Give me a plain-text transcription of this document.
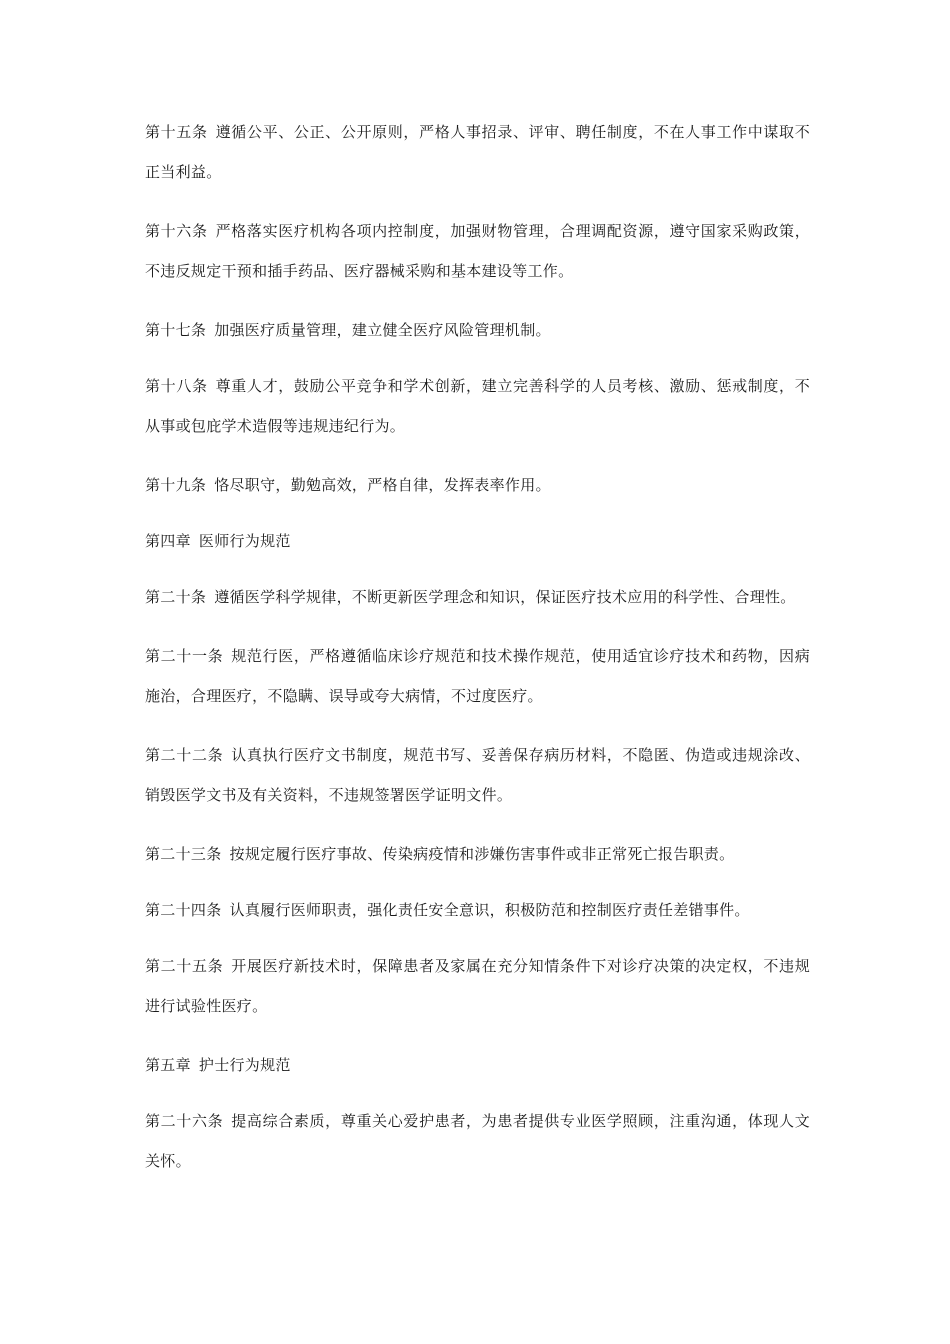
第十五条 遵循公平、公正、公开原则，严格人事招录、评审、聘任制度，不在人事工作中谋取不正当利益。

第十六条 严格落实医疗机构各项内控制度，加强财物管理，合理调配资源，遵守国家采购政策，不违反规定干预和插手药品、医疗器械采购和基本建设等工作。

第十七条 加强医疗质量管理，建立健全医疗风险管理机制。

第十八条 尊重人才，鼓励公平竞争和学术创新，建立完善科学的人员考核、激励、惩戒制度，不从事或包庇学术造假等违规违纪行为。

第十九条 恪尽职守，勤勉高效，严格自律，发挥表率作用。

第四章 医师行为规范

第二十条 遵循医学科学规律，不断更新医学理念和知识，保证医疗技术应用的科学性、合理性。

第二十一条 规范行医，严格遵循临床诊疗规范和技术操作规范，使用适宜诊疗技术和药物，因病施治，合理医疗，不隐瞒、误导或夸大病情，不过度医疗。

第二十二条 认真执行医疗文书制度，规范书写、妥善保存病历材料，不隐匿、伪造或违规涂改、销毁医学文书及有关资料，不违规签署医学证明文件。

第二十三条 按规定履行医疗事故、传染病疫情和涉嫌伤害事件或非正常死亡报告职责。

第二十四条 认真履行医师职责，强化责任安全意识，积极防范和控制医疗责任差错事件。

第二十五条 开展医疗新技术时，保障患者及家属在充分知情条件下对诊疗决策的决定权，不违规进行试验性医疗。

第五章 护士行为规范

第二十六条 提高综合素质，尊重关心爱护患者，为患者提供专业医学照顾，注重沟通，体现人文关怀。
